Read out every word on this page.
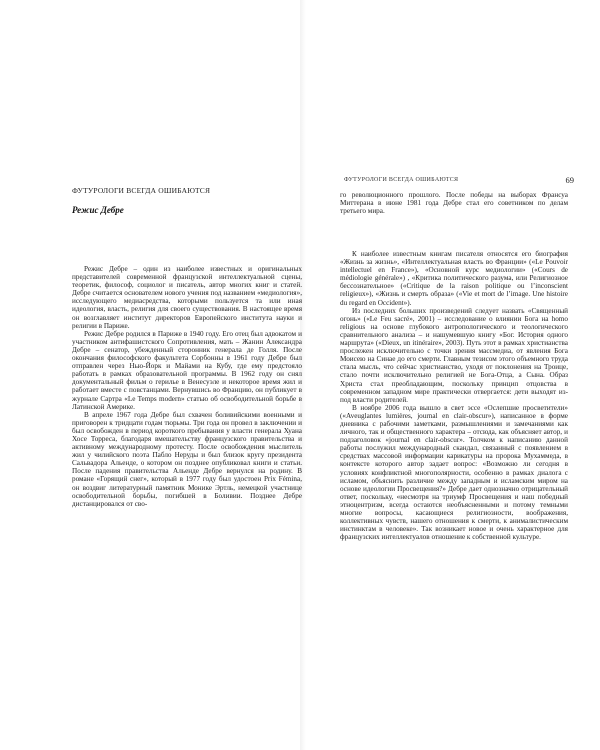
ФУТУРОЛОГИ ВСЕГДА ОШИБАЮТСЯ
Режис Дебре

Режис Дебре – один из наиболее известных и оригинальных представителей современной французской интеллектуальной сцены, теоретик, философ, социолог и писатель, автор многих книг и статей. Дебре считается основателем нового учения под названием «медиология», исследующего медиасредства, которыми пользуется та или иная идеология, власть, религия для своего существования. В настоящее время он возглавляет институт директоров Европейского института науки и религии в Париже.

Режис Дебре родился в Париже в 1940 году. Его отец был адвокатом и участником антифашистского Сопротивления, мать – Жанин Александра Дебре – сенатор, убежденный сторонник генерала де Голля. После окончания философского факультета Сорбонны в 1961 году Дебре был отправлен через Нью-Йорк и Майами на Кубу, где ему предстояло работать в рамках образовательной программы. В 1962 году он снял документальный фильм о герилье в Венесуэле и некоторое время жил и работает вместе с повстанцами. Вернувшись во Францию, он публикует в журнале Сартра «Le Temps modern» статью об освободительной борьбе в Латинской Америке.

В апреле 1967 года Дебре был схвачен боливийскими военными и приговорен к тридцати годам тюрьмы. Три года он провел в заключении и был освобожден в период короткого пребывания у власти генерала Хуана Хосе Торреса, благодаря вмешательству французского правительства и активному международному протесту. После освобождения мыслитель жил у чилийского поэта Пабло Неруды и был близок кругу президента Сальвадора Альенде, о котором он позднее опубликовал книги и статьи. После падения правительства Альенде Дебре вернулся на родину. В романе «Горящий снег», который в 1977 году был удостоен Prix Fémina, он воздвиг литературный памятник Монике Эртль, немецкой участнице освободительной борьбы, погибшей в Боливии. Позднее Дебре дистанцировался от сво-

ФУТУРОЛОГИ ВСЕГДА ОШИБАЮТСЯ	69

го революционного прошлого. После победы на выборах Франсуа Миттерана в июне 1981 года Дебре стал его советником по делам третьего мира.

К наиболее известным книгам писателя относятся его биография «Жизнь за жизнь», «Интеллектуальная власть во Франции» («Le Pouvoir intellectuel en France»), «Основной курс медиологии» («Cours de médiologie générale») , «Критика политического разума, или Религиозное бессознательное» («Critique de la raison politique ou l’inconscient religieux»), «Жизнь и смерть образа» («Vie et mort de l’image. Une histoire du regard en Occident»).

Из последних больших произведений следует назвать «Священный огонь» («Le Feu sacré», 2001) – исследование о влиянии Бога на homo religious на основе глубокого антропологического и теологического сравнительного анализа – и нашумевшую книгу «Бог. История одного маршрута» («Dieux, un itinéraire», 2003). Путь этот в рамках христианства прослежен исключительно с точки зрения массмедиа, от явления Бога Моисею на Синае до его смерти. Главным тезисом этого объемного труда стала мысль, что сейчас христианство, уходя от поклонения на Троице, стало почти исключительно религией не Бога-Отца, а Сына. Образ Христа стал преобладающим, поскольку принцип отцовства в современном западном мире практически отвергается: дети выходят из-под власти родителей.

В ноябре 2006 года вышло в свет эссе «Ослепшие просветители» («Aveuglantes lumières, journal en clair-obscur»), написанное в форме дневника с рабочими заметками, размышлениями и замечаниями как личного, так и общественного характера – отсюда, как объясняет автор, и подзаголовок «journal en clair-obscur». Толчком к написанию данной работы послужил международный скандал, связанный с появлением в средствах массовой информации карикатуры на пророка Мухаммеда, в контексте которого автор задает вопрос: «Возможно ли сегодня в условиях конфликтной многополярности, особенно в рамках диалога с исламом, объяснить различие между западным и исламским миром на основе идеологии Просвещения?» Дебре дает однозначно отрицательный ответ, поскольку, «несмотря на триумф Просвещения и наш победный этноцентризм, всегда остаются необъясненными и потому темными многие вопросы, касающиеся религиозности, воображения, коллективных чувств, нашего отношения к смерти, к анималистическим инстинктам в человеке». Так возникает новое и очень характерное для французских интеллектуалов отношение к собственной культуре.
